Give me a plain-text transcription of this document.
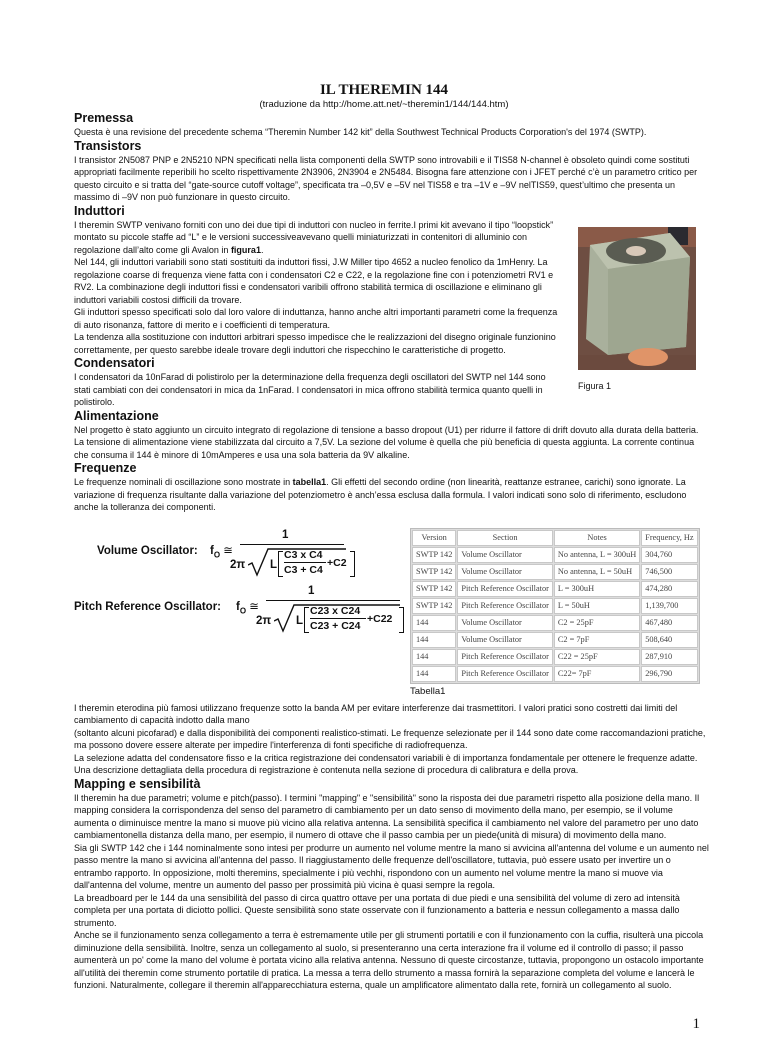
IL THEREMIN 144
(traduzione da http://home.att.net/~theremin1/144/144.htm)
Premessa
Questa è una revisione del precedente schema “Theremin Number 142 kit” della Southwest Technical Products Corporation's del 1974 (SWTP).
Transistors
I transistor 2N5087 PNP e 2N5210 NPN specificati nella lista componenti della SWTP sono introvabili e il TIS58 N-channel è obsoleto quindi come sostituti appropriati facilmente reperibili ho scelto rispettivamente 2N3906, 2N3904 e 2N5484. Bisogna fare attenzione con i JFET perché c’è un parametro critico per questo circuito e si tratta del “gate-source cutoff voltage”, specificata tra –0,5V e –5V nel TIS58 e tra –1V e –9V nelTIS59, quest’ultimo che presenta un massimo di –9V non può funzionare in questo circuito.
Induttori
Figura 1
I theremin SWTP venivano forniti con uno dei due tipi di induttori con nucleo in ferrite.I primi kit avevano il tipo “loopstick” montato su piccole staffe ad “L” e le versioni successiveavevano quelli miniaturizzati in contenitori di alluminio con regolazione dall’alto come gli Avalon in figura1.
Nel 144, gli induttori variabili sono stati sostituiti da induttori fissi, J.W Miller tipo 4652 a nucleo fenolico da 1mHenry. La regolazione coarse di frequenza viene fatta con i condensatori C2 e C22, e la regolazione fine con i potenziometri RV1 e RV2. La combinazione degli induttori fissi e condensatori varibili offrono stabilità termica di oscillazione e eliminano gli induttori variabili costosi difficili da trovare.
Gli induttori spesso specificati solo dal loro valore di induttanza, hanno anche altri importanti parametri come la frequenza di auto risonanza, fattore di merito e i coefficienti di temperatura.
La tendenza alla sostituzione con induttori arbitrari spesso impedisce che le realizzazioni del disegno originale funzionino correttamente, per questo sarebbe ideale trovare degli induttori che rispecchino le caratteristiche di progetto.
Condensatori
I condensatori da 10nFarad di polistirolo per la determinazione della frequenza degli oscillatori del SWTP nel 144 sono stati cambiati con dei condensatori in mica da 1nFarad. I condensatori in mica offrono stabilità termica quanto quelli in polistirolo.
Alimentazione
Nel progetto è stato aggiunto un circuito integrato di regolazione di tensione a basso dropout (U1) per ridurre il fattore di drift dovuto alla durata della batteria. La tensione di alimentazione viene stabilizzata dal circuito a 7,5V. La sezione del volume è quella che più beneficia di questa aggiunta. La corrente continua che consuma il 144 è minore di 10mAmperes e usa una sola batteria da 9V alkaline.
Frequenze
Le frequenze nominali di oscillazione sono mostrate in tabella1. Gli effetti del secondo ordine (non linearità, reattanze estranee, carichi) sono ignorate. La variazione di frequenza risultante dalla variazione del potenziometro è anch’essa esclusa dalla formula. I valori indicati sono solo di riferimento, escludono anche la tolleranza dei componenti.
Volume Oscillator: $f_O$ ≅
1
2π L
C3 x C4
C3 + C4
+C2
Pitch Reference Oscillator: $f_O$ ≅
1
2π L
C23 x C24
C23 + C24
+C22
Version	Section	Notes	Frequency, Hz
SWTP 142	Volume Oscillator	No antenna, L = 300uH	304,760
SWTP 142	Volume Oscillator	No antenna, L = 50uH	746,500
SWTP 142	Pitch Reference Oscillator	L = 300uH	474,280
SWTP 142	Pitch Reference Oscillator	L = 50uH	1,139,700
144	Volume Oscillator	C2 = 25pF	467,480
144	Volume Oscillator	C2 = 7pF	508,640
144	Pitch Reference Oscillator	C22 = 25pF	287,910
144	Pitch Reference Oscillator	C22= 7pF	296,790
Tabella1
I theremin eterodina più famosi utilizzano frequenze sotto la banda AM per evitare interferenze dai trasmettitori. I valori pratici sono costretti dai limiti del cambiamento di capacità indotto dalla mano
(soltanto alcuni picofarad) e dalla disponibilità dei componenti realistico-stimati. Le frequenze selezionate per il 144 sono date come raccomandazioni pratiche, ma possono dovere essere alterate per impedire l'interferenza di fonti specifiche di radiofrequenza.
La selezione adatta del condensatore fisso e la critica registrazione dei condensatori variabili è di importanza fondamentale per ottenere le frequenze adatte. Una descrizione dettagliata della procedura di registrazione è contenuta nella sezione di procedura di calibratura e della prova.
Mapping e sensibilità
Il theremin ha due parametri; volume e pitch(passo). I termini "mapping" e "sensibilità" sono la risposta dei due parametri rispetto alla posizione della mano. Il mapping considera la corrispondenza del senso del parametro di cambiamento per un dato senso di movimento della mano, per esempio, se il volume aumenta o diminuisce mentre la mano si muove più vicino alla relativa antenna. La sensibilità specifica il cambiamento nel valore del parametro per uno dato cambiamentonella distanza della mano, per esempio, il numero di ottave che il passo cambia per un piede(unità di misura) di movimento della mano.
Sia gli SWTP 142 che i 144 nominalmente sono intesi per produrre un aumento nel volume mentre la mano si avvicina all'antenna del volume e un aumento nel passo mentre la mano si avvicina all'antenna del passo. Il riaggiustamento delle frequenze dell'oscillatore, tuttavia, può essere usato per invertire un o entrambo rapporto. In opposizione, molti theremins, specialmente i più vechhi, rispondono con un aumento nel volume mentre la mano si muove via dall'antenna del volume, mentre un aumento del passo per prossimità più vicina è quasi sempre la regola.
La breadboard per le 144 da una sensibilità del passo di circa quattro ottave per una portata di due piedi e una sensibilità del volume di zero ad intensità completa per una portata di diciotto pollici. Queste sensibilità sono state osservate con il funzionamento a batteria e nessun collegamento a massa dallo strumento.
Anche se il funzionamento senza collegamento a terra è estremamente utile per gli strumenti portatili e con il funzionamento con la cuffia, risulterà una piccola diminuzione della sensibilità. Inoltre, senza un collegamento al suolo, si presenteranno una certa interazione fra il volume ed il controllo di passo; il passo aumenterà un po' come la mano del volume è portata vicino alla relativa antenna. Nessuno di queste circostanze, tuttavia, propongono un ostacolo importante all'utilità dei theremin come strumento portatile di pratica. La messa a terra dello strumento a massa fornirà la separazione completa del volume e lancerà le funzioni. Naturalmente, collegare il theremin all'apparecchiatura esterna, quale un amplificatore alimentato dalla rete, fornirà un collegamento al suolo.
1
